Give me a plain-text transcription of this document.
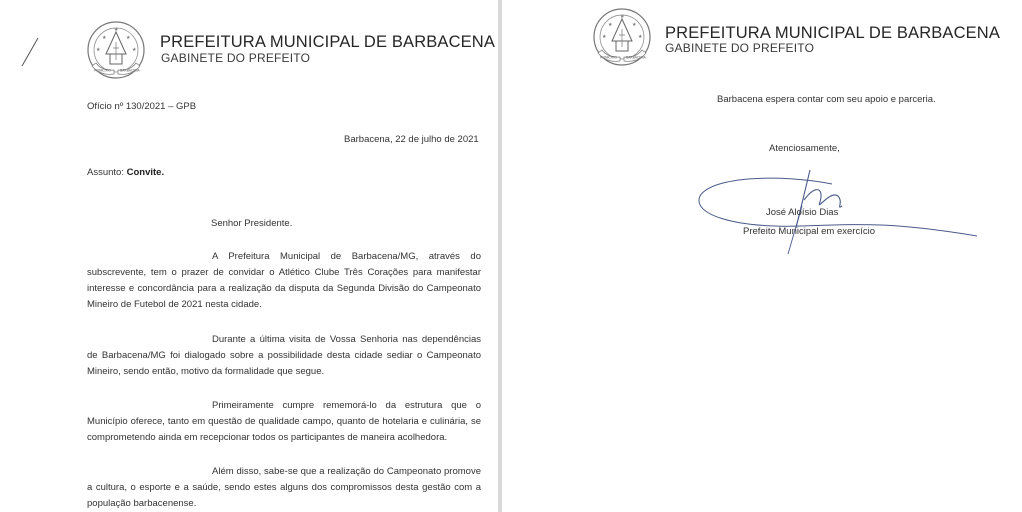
★	★
★	★
★
MUNICÍPIO	BARBACENA
PREFEITURA MUNICIPAL DE BARBACENA
GABINETE DO PREFEITO
Ofício nº 130/2021 – GPB
Barbacena, 22 de julho de 2021
Assunto: Convite.
Senhor Presidente.
A Prefeitura Municipal de Barbacena/MG, através do subscrevente, tem o prazer de convidar o Atlético Clube Três Corações para manifestar interesse e concordância para a realização da disputa da Segunda Divisão do Campeonato Mineiro de Futebol de 2021 nesta cidade.
Durante a última visita de Vossa Senhoria nas dependências de Barbacena/MG foi dialogado sobre a possibilidade desta cidade sediar o Campeonato Mineiro, sendo então, motivo da formalidade que segue.
Primeiramente cumpre rememorá-lo da estrutura que o Município oferece, tanto em questão de qualidade campo, quanto de hotelaria e culinária, se comprometendo ainda em recepcionar todos os participantes de maneira acolhedora.
Além disso, sabe-se que a realização do Campeonato promove a cultura, o esporte e a saúde, sendo estes alguns dos compromissos desta gestão com a população barbacenense.
★	★
★	★
★
MUNICÍPIO	BARBACENA
PREFEITURA MUNICIPAL DE BARBACENA
GABINETE DO PREFEITO
Barbacena espera contar com seu apoio e parceria.
Atenciosamente,
José Aloísio Dias
Prefeito Municipal em exercício
